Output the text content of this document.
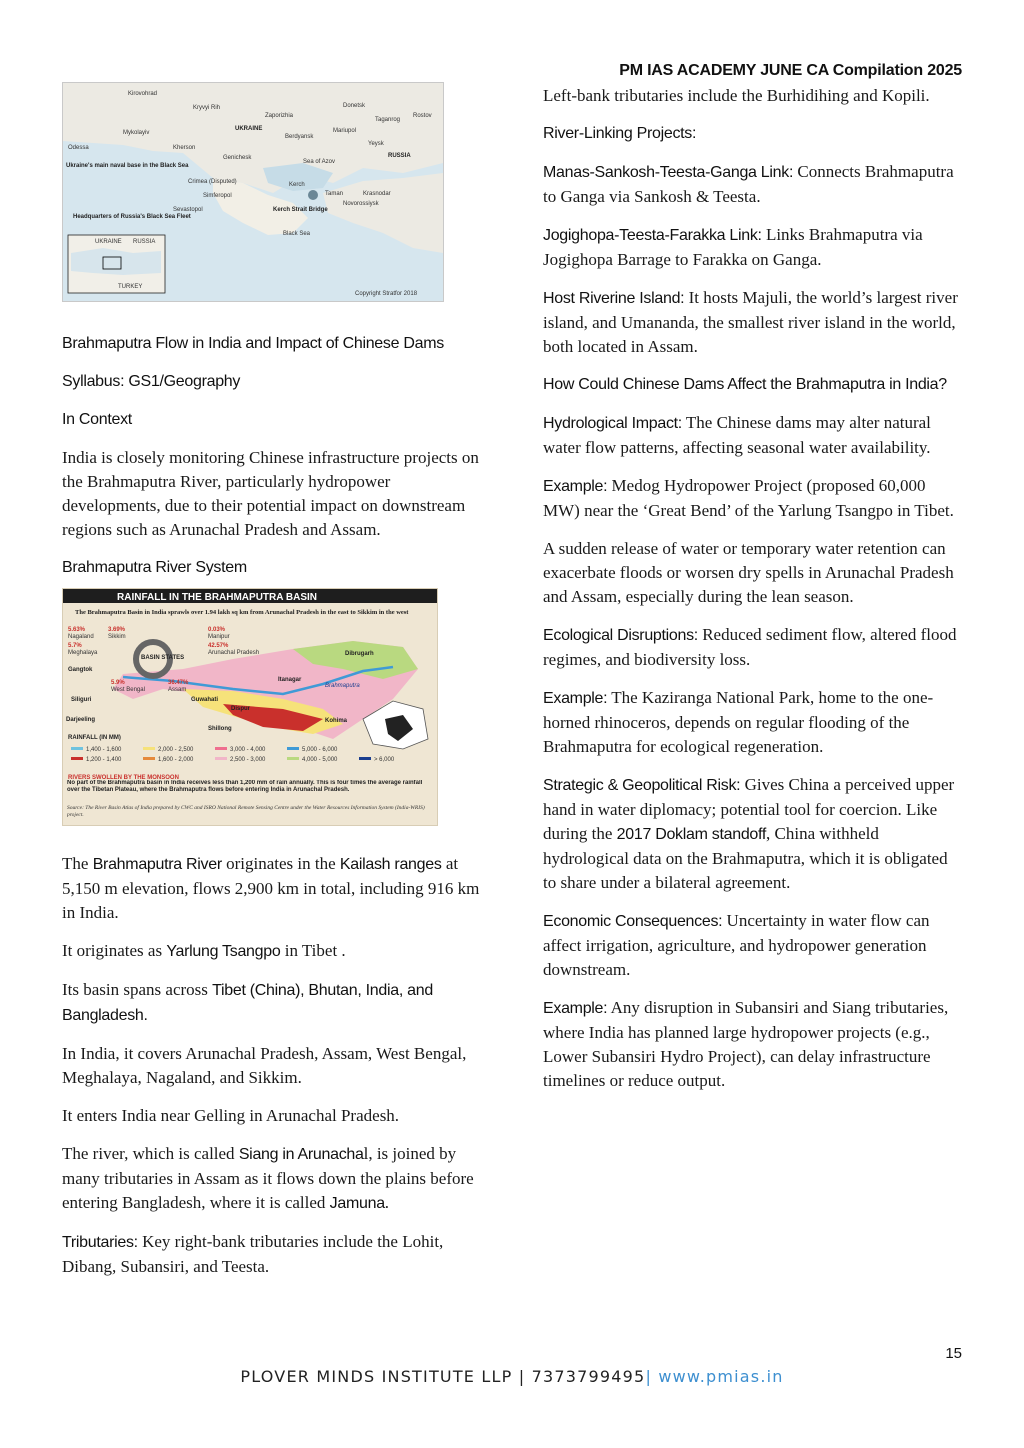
PM IAS ACADEMY JUNE CA Compilation 2025
Kirovohrad
Kryvyi Rih
Zaporizhia
Donetsk
Mykolayiv
UKRAINE
Berdyansk
Mariupol
Taganrog
Rostov
Odessa	Kherson
Yeysk
Genichesk
Sea of Azov
RUSSIA
Ukraine's main naval base in the Black Sea
Crimea (Disputed)	Kerch
Taman	Krasnodar
Simferopol
Novorossiysk
Sevastopol	Kerch Strait Bridge
Headquarters of Russia's Black Sea Fleet
Black Sea
Copyright Stratfor 2018
UKRAINE RUSSIA
TURKEY

Brahmaputra Flow in India and Impact of Chinese Dams

Syllabus: GS1/Geography

In Context

India is closely monitoring Chinese infrastructure projects on the Brahmaputra River, particularly hydropower developments, due to their potential impact on downstream regions such as Arunachal Pradesh and Assam.

Brahmaputra River System

RAINFALL IN THE BRAHMAPUTRA BASIN
The Brahmaputra Basin in India sprawls over 1.94 lakh sq km from Arunachal Pradesh in the east to Sikkim in the west
5.63%
Nagaland
3.69%
Sikkim
0.03%
Manipur
5.7%
Meghalaya
42.57%
Arunachal Pradesh
5.9%
West Bengal
36.47%
Assam
BASIN STATES
Gangtok
Dibrugarh
Itanagar
Guwahati
Siliguri
Dispur
Darjeeling
Shillong
Kohima
Brahmaputra
RAINFALL (IN MM)
1,400 - 1,600	2,000 - 2,500	3,000 - 4,000	5,000 - 6,000
1,200 - 1,400	1,600 - 2,000	2,500 - 3,000	4,000 - 5,000	> 6,000
RIVERS SWOLLEN BY THE MONSOON
No part of the Brahmaputra basin in India receives less than 1,200 mm of rain annually. This is four times the average rainfall over the Tibetan Plateau, where the Brahmaputra flows before entering India in Arunachal Pradesh.
Source: The River Basin Atlas of India prepared by CWC and ISRO National Remote Sensing Centre under the Water Resources Information System (India-WRIS) project.

The Brahmaputra River originates in the Kailash ranges at 5,150 m elevation, flows 2,900 km in total, including 916 km in India.

It originates as Yarlung Tsangpo in Tibet .

Its basin spans across Tibet (China), Bhutan, India, and Bangladesh.

In India, it covers Arunachal Pradesh, Assam, West Bengal, Meghalaya, Nagaland, and Sikkim.

It enters India near Gelling in Arunachal Pradesh.

The river, which is called Siang in Arunachal, is joined by many tributaries in Assam as it flows down the plains before entering Bangladesh, where it is called Jamuna.

Tributaries: Key right-bank tributaries include the Lohit, Dibang, Subansiri, and Teesta.

Left-bank tributaries include the Burhidihing and Kopili.

River-Linking Projects:

Manas-Sankosh-Teesta-Ganga Link: Connects Brahmaputra to Ganga via Sankosh & Teesta.

Jogighopa-Teesta-Farakka Link: Links Brahmaputra via Jogighopa Barrage to Farakka on Ganga.

Host Riverine Island: It hosts Majuli, the world’s largest river island, and Umananda, the smallest river island in the world, both located in Assam.

How Could Chinese Dams Affect the Brahmaputra in India?

Hydrological Impact: The Chinese dams may alter natural water flow patterns, affecting seasonal water availability.

Example: Medog Hydropower Project (proposed 60,000 MW) near the ‘Great Bend’ of the Yarlung Tsangpo in Tibet.

A sudden release of water or temporary water retention can exacerbate floods or worsen dry spells in Arunachal Pradesh and Assam, especially during the lean season.

Ecological Disruptions: Reduced sediment flow, altered flood regimes, and biodiversity loss.

Example: The Kaziranga National Park, home to the one-horned rhinoceros, depends on regular flooding of the Brahmaputra for ecological regeneration.

Strategic & Geopolitical Risk: Gives China a perceived upper hand in water diplomacy; potential tool for coercion. Like during the 2017 Doklam standoff, China withheld hydrological data on the Brahmaputra, which it is obligated to share under a bilateral agreement.

Economic Consequences: Uncertainty in water flow can affect irrigation, agriculture, and hydropower generation downstream.

Example: Any disruption in Subansiri and Siang tributaries, where India has planned large hydropower projects (e.g., Lower Subansiri Hydro Project), can delay infrastructure timelines or reduce output.

15
PLOVER MINDS INSTITUTE LLP | 7373799495| www.pmias.in
